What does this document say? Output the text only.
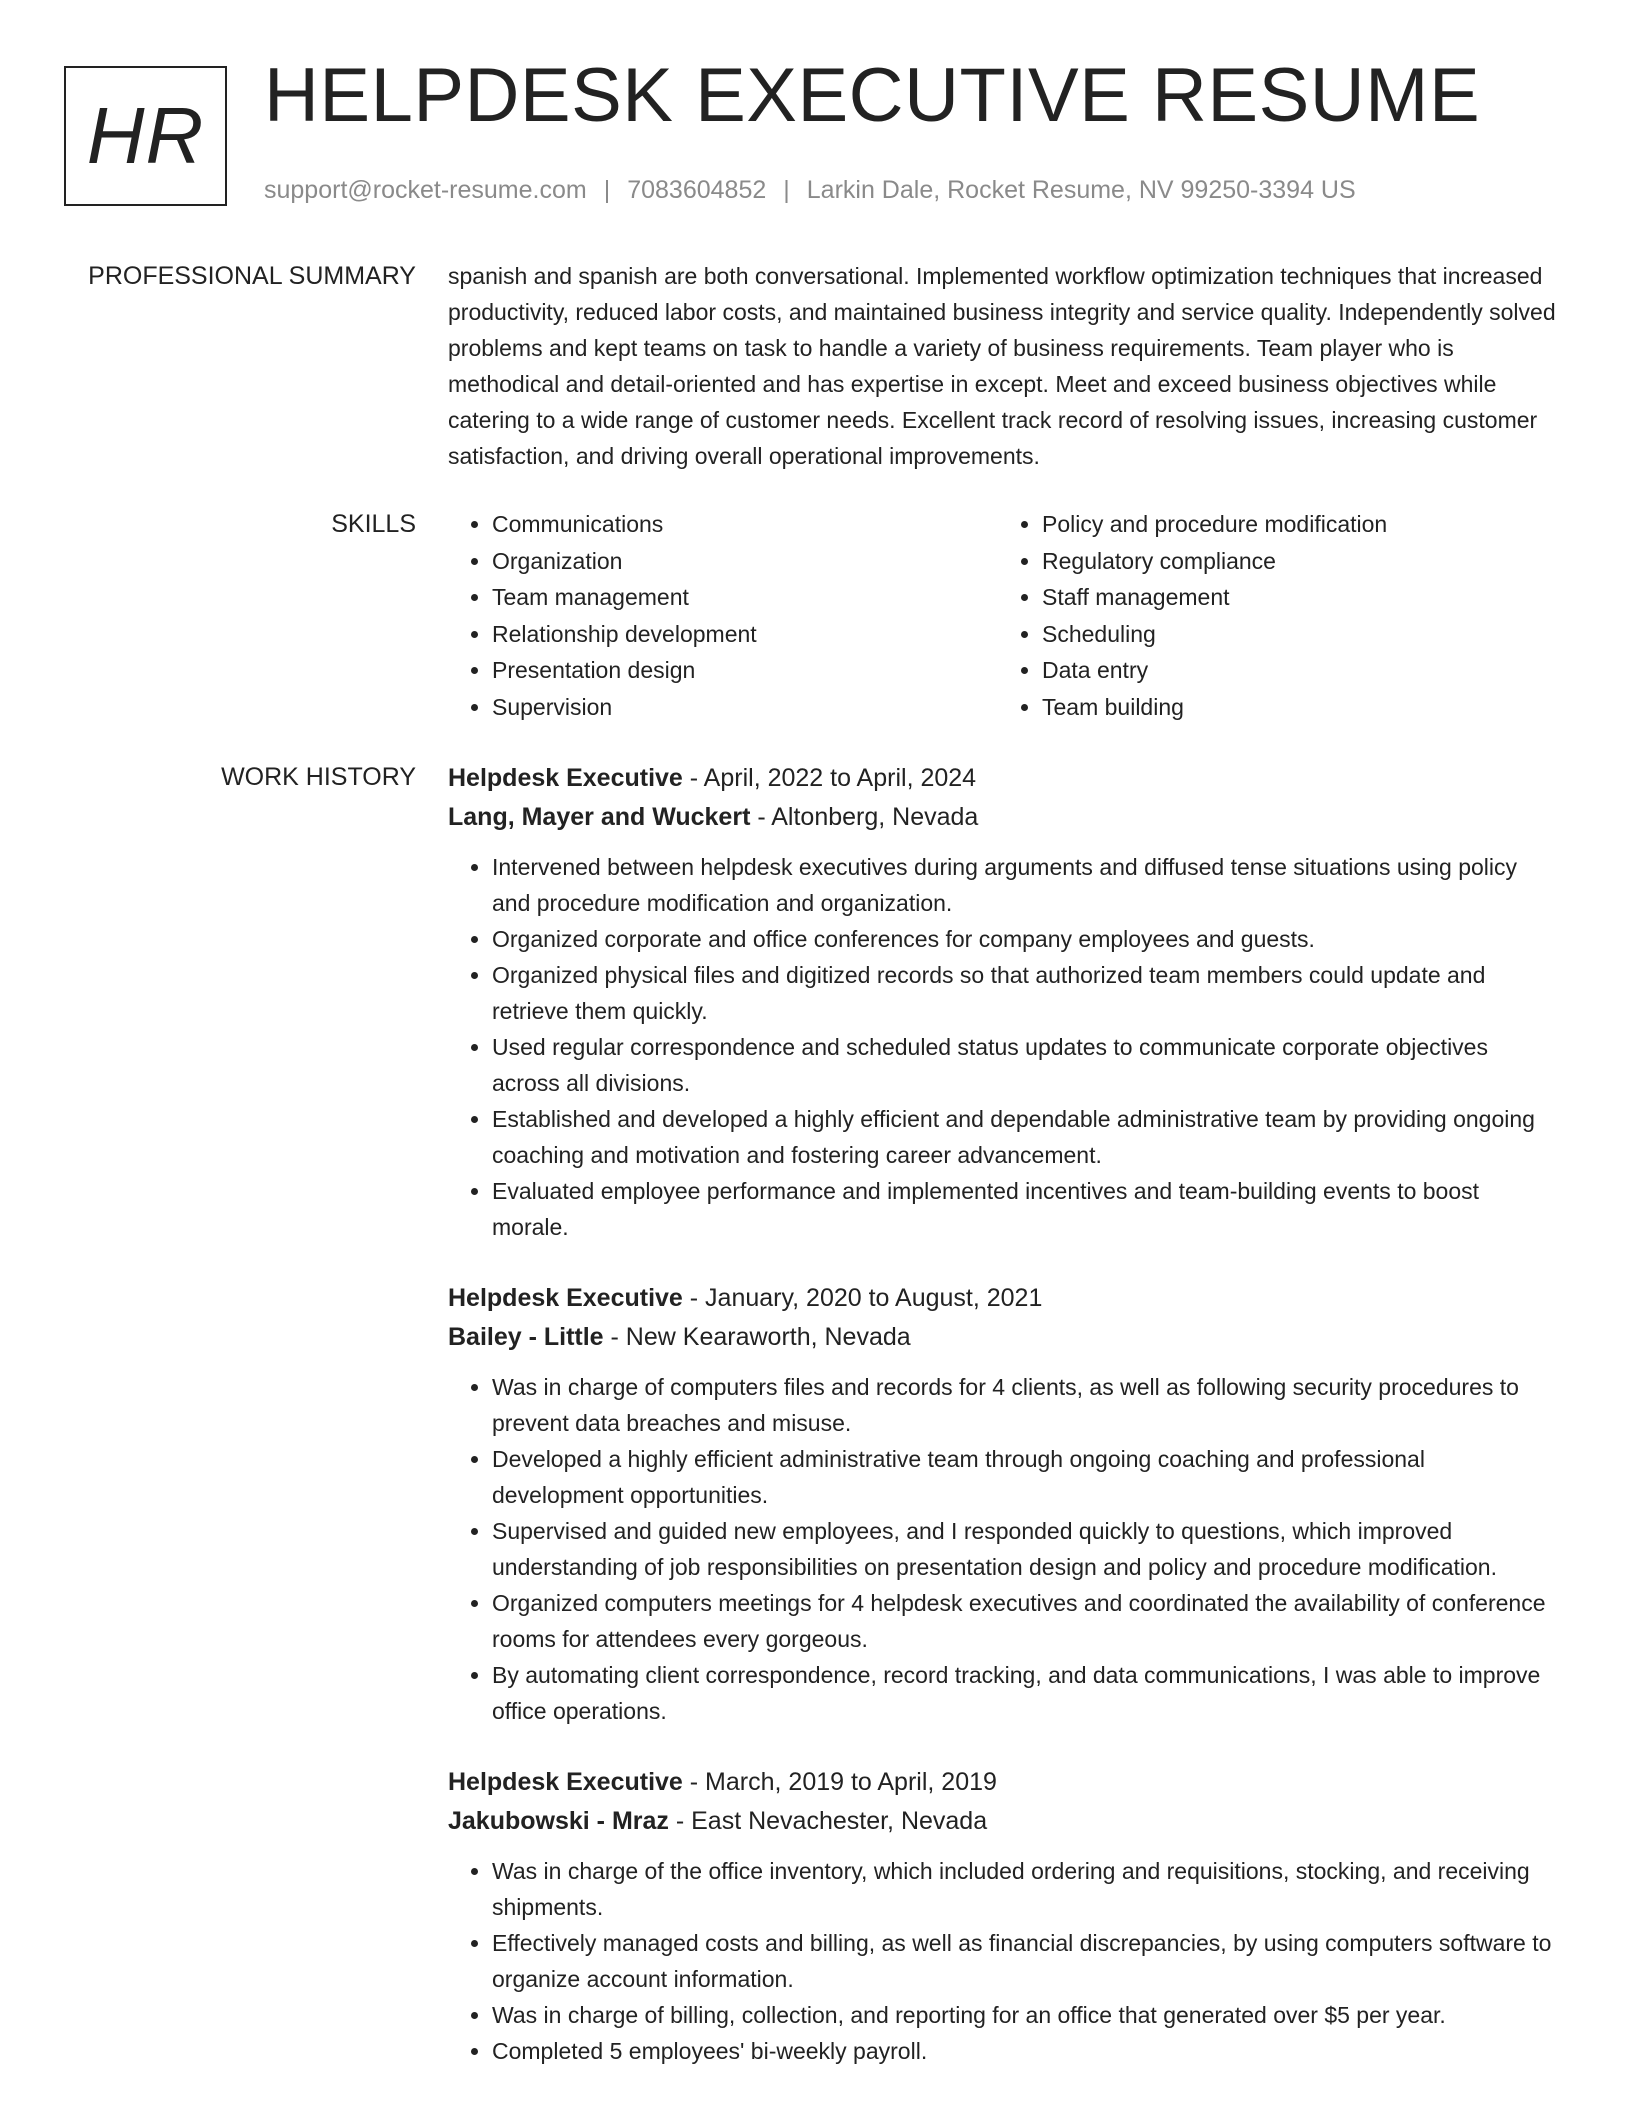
HR HELPDESK EXECUTIVE RESUME
support@rocket-resume.com | 7083604852 | Larkin Dale, Rocket Resume, NV 99250-3394 US
PROFESSIONAL SUMMARY spanish and spanish are both conversational. Implemented workflow optimization techniques that increased productivity, reduced labor costs, and maintained business integrity and service quality. Independently solved problems and kept teams on task to handle a variety of business requirements. Team player who is methodical and detail-oriented and has expertise in except. Meet and exceed business objectives while catering to a wide range of customer needs. Excellent track record of resolving issues, increasing customer satisfaction, and driving overall operational improvements.

SKILLS
•	Communications
• Organization
• Team management
• Relationship development
• Presentation design
• Supervision
• Policy and procedure modification
• Regulatory compliance
• Staff management
• Scheduling
• Data entry
• Team building
WORK HISTORY Helpdesk Executive - April, 2022 to April, 2024
Lang, Mayer and Wuckert - Altonberg, Nevada
• Intervened between helpdesk executives during arguments and diffused tense situations using policy and procedure modification and organization.
• Organized corporate and office conferences for company employees and guests.
• Organized physical files and digitized records so that authorized team members could update and retrieve them quickly.
• Used regular correspondence and scheduled status updates to communicate corporate objectives across all divisions.
• Established and developed a highly efficient and dependable administrative team by providing ongoing coaching and motivation and fostering career advancement.
• Evaluated employee performance and implemented incentives and team-building events to boost morale.
Helpdesk Executive - January, 2020 to August, 2021
Bailey - Little - New Kearaworth, Nevada
• Was in charge of computers files and records for 4 clients, as well as following security procedures to prevent data breaches and misuse.
• Developed a highly efficient administrative team through ongoing coaching and professional development opportunities.
• Supervised and guided new employees, and I responded quickly to questions, which improved understanding of job responsibilities on presentation design and policy and procedure modification.
• Organized computers meetings for 4 helpdesk executives and coordinated the availability of conference rooms for attendees every gorgeous.
• By automating client correspondence, record tracking, and data communications, I was able to improve office operations.
Helpdesk Executive - March, 2019 to April, 2019
Jakubowski - Mraz - East Nevachester, Nevada
• Was in charge of the office inventory, which included ordering and requisitions, stocking, and receiving shipments.
• Effectively managed costs and billing, as well as financial discrepancies, by using computers software to organize account information.
• Was in charge of billing, collection, and reporting for an office that generated over $5 per year.
• Completed 5 employees' bi-weekly payroll.
